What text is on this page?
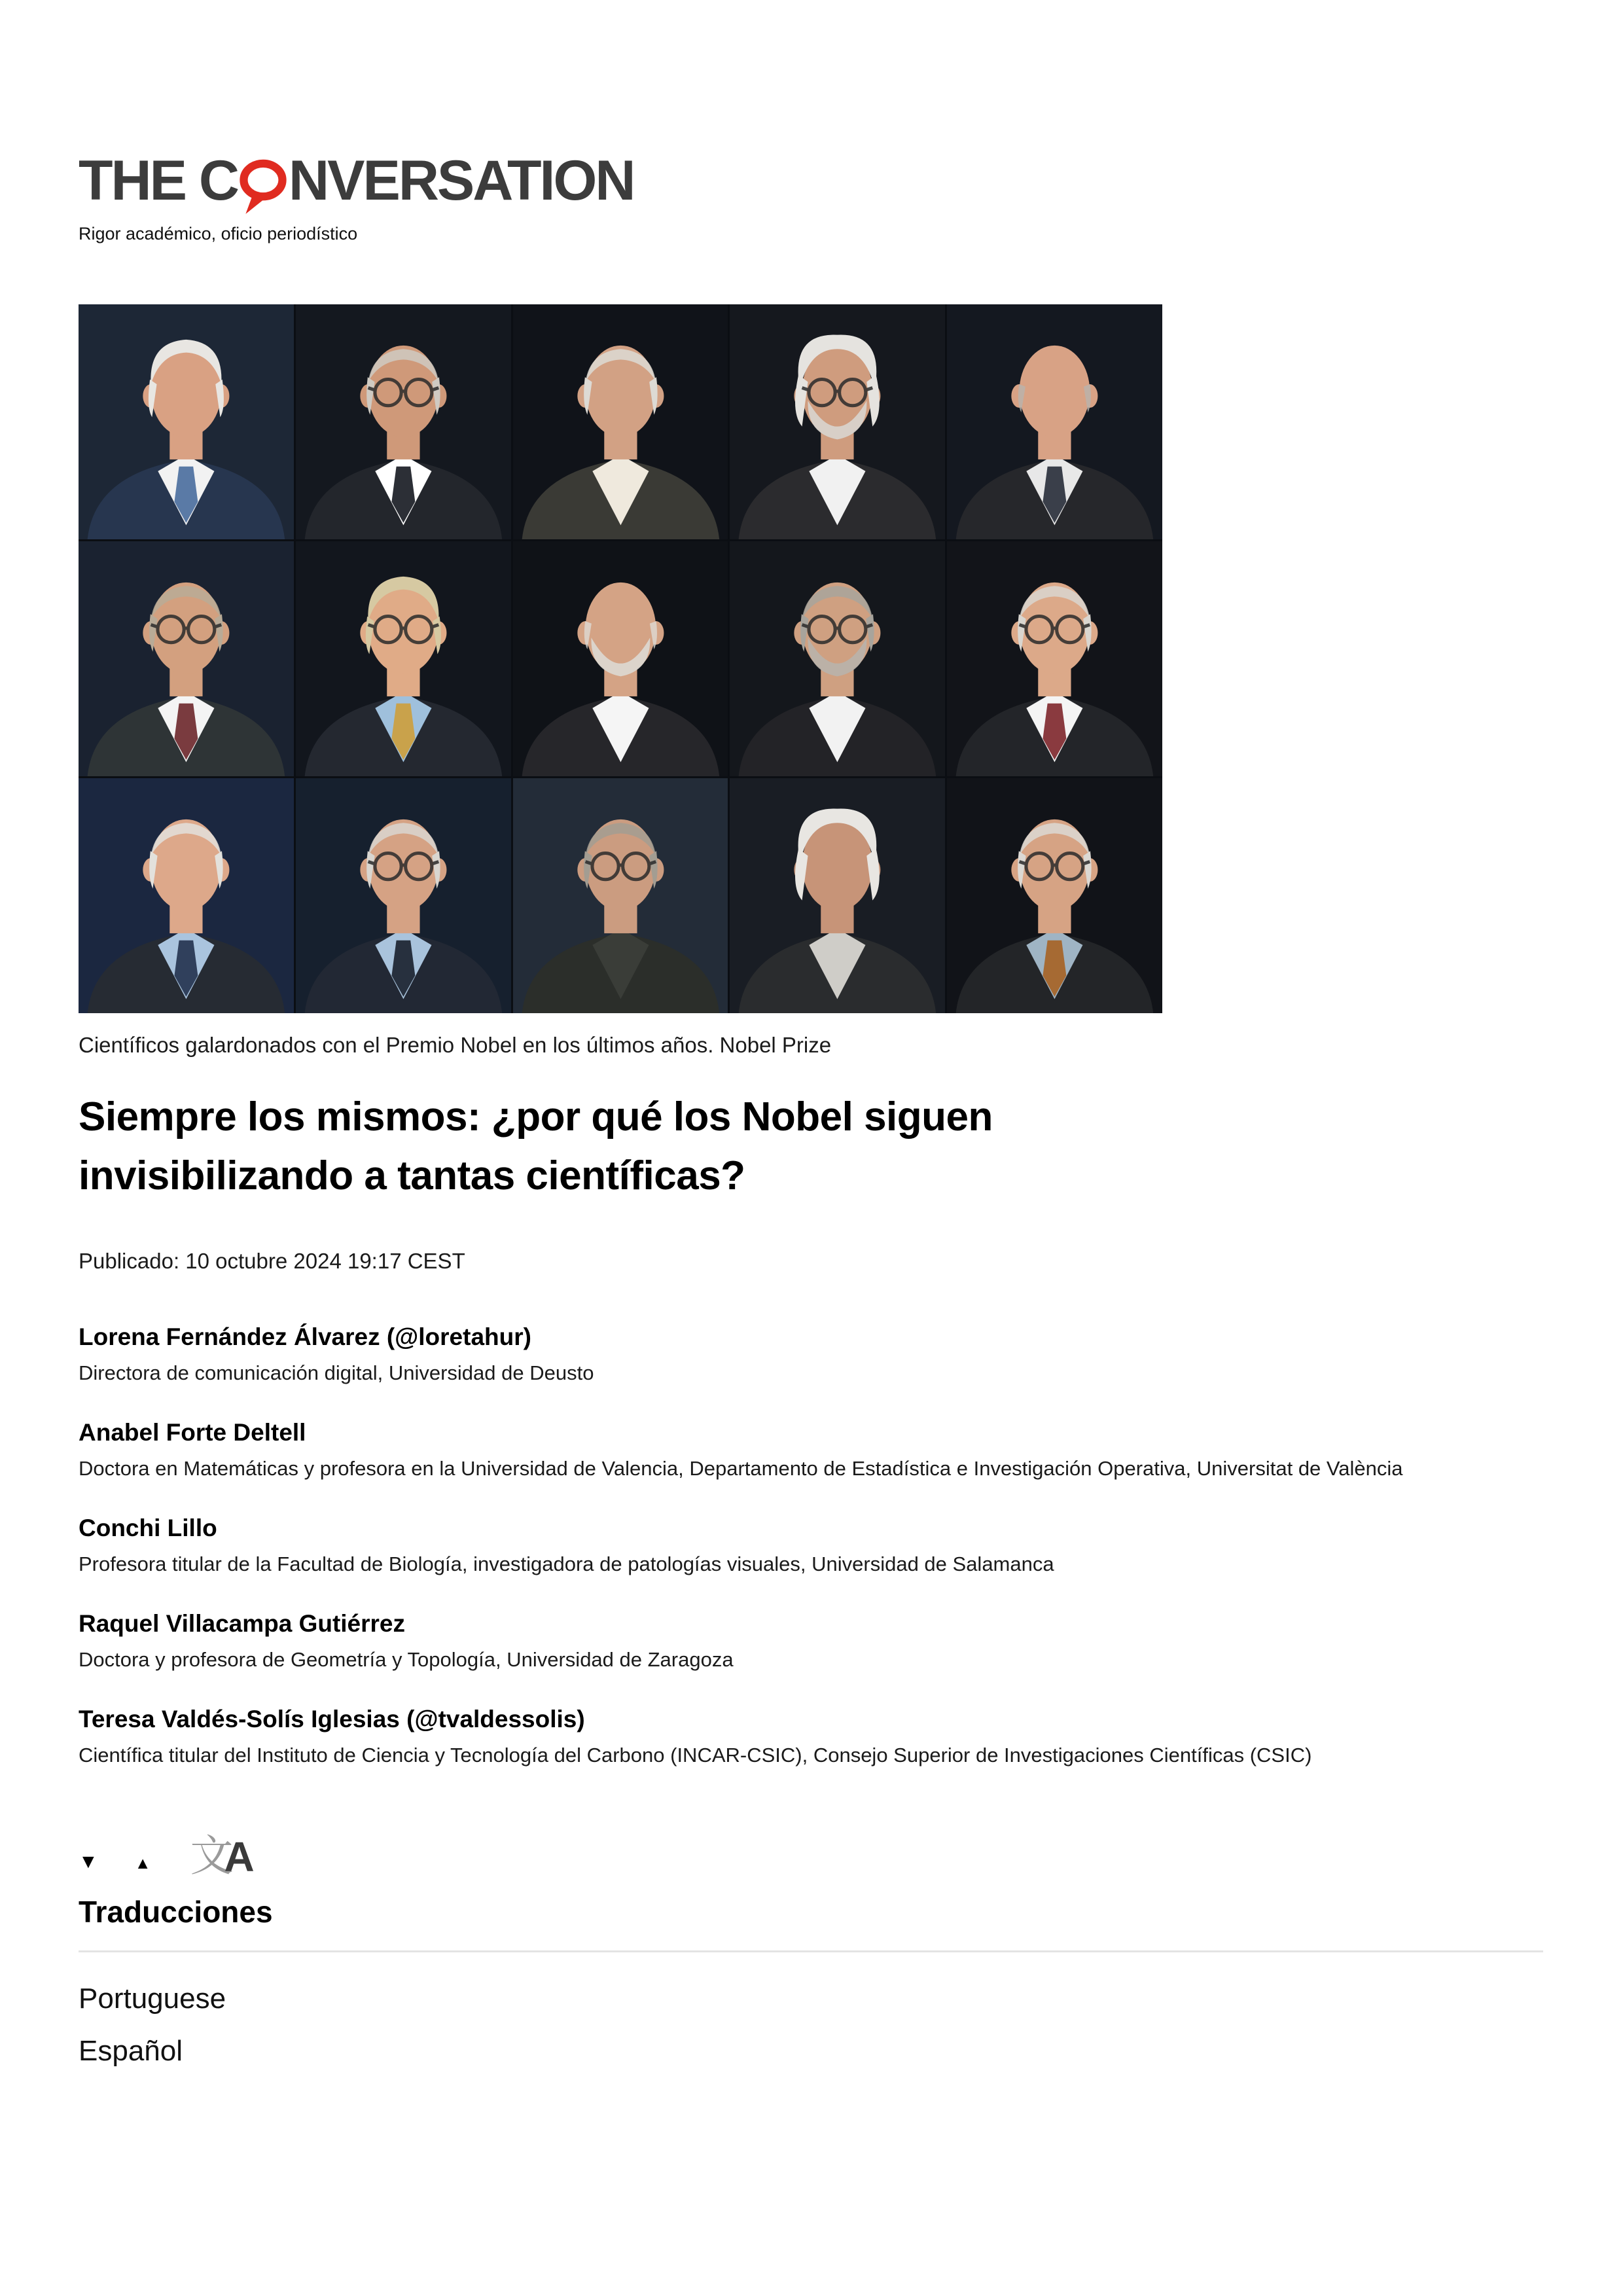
THE C NVERSATION
Rigor académico, oficio periodístico
Científicos galardonados con el Premio Nobel en los últimos años. Nobel Prize
Siempre los mismos: ¿por qué los Nobel siguen invisibilizando a tantas científicas?
Publicado: 10 octubre 2024 19:17 CEST
Lorena Fernández Álvarez (@loretahur)
Directora de comunicación digital, Universidad de Deusto
Anabel Forte Deltell
Doctora en Matemáticas y profesora en la Universidad de Valencia, Departamento de Estadística e Investigación Operativa, Universitat de València
Conchi Lillo
Profesora titular de la Facultad de Biología, investigadora de patologías visuales, Universidad de Salamanca
Raquel Villacampa Gutiérrez
Doctora y profesora de Geometría y Topología, Universidad de Zaragoza
Teresa Valdés-Solís Iglesias (@tvaldessolis)
Científica titular del Instituto de Ciencia y Tecnología del Carbono (INCAR-CSIC), Consejo Superior de Investigaciones Científicas (CSIC)
▼ ▲ 文
A
Traducciones
Portuguese
Español
